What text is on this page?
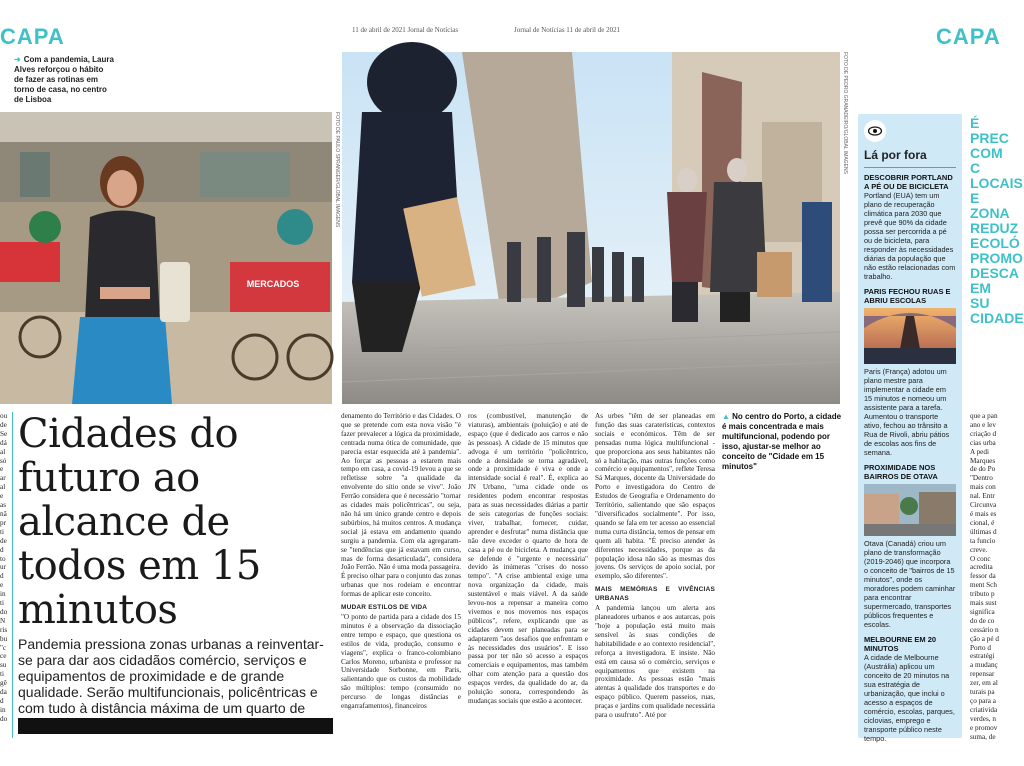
CAPA	11 de abril de 2021 Jornal de Notícias	Jornal de Notícias 11 de abril de 2021	CAPA
➜ Com a pandemia, Laura Alves reforçou o hábito de fazer as rotinas em torno de casa, no centro de Lisboa
MERCADOS
FOTO DE PAULO SPRANGER/GLOBAL IMAGENS	FOTO DE PEDRO GRANADEIRO/GLOBAL IMAGENS
ou
de
Se
dá
al
só
e
ar
al
e
as
nã
pr
ti
de
d
to
ur
d
e
in
ti
do
N
ris
bu
"c
ce
su
ti
gê
da
d
in
do
Cidades do futuro ao alcance de todos em 15 minutos
Pandemia pressiona zonas urbanas a reinventar-se para dar aos cidadãos comércio, serviços e equipamentos de proximidade e de grande qualidade. Serão multifuncionais, policêntricas e com tudo à distância máxima de um quarto de

denamento do Território e das Cidades. O que se pretende com esta nova visão "é fazer prevalecer a lógica da proximidade, centrada numa ótica de comunidade, que parecia estar esquecida até à pandemia". Ao forçar as pessoas a estarem mais tempo em casa, a covid-19 levou a que se refletisse sobre "a qualidade da envolvente do sítio onde se vive". João Ferrão considera que é necessário "tornar as cidades mais policêntricas", ou seja, não há um único grande centro e depois subúrbios, há muitos centros. A mudança social já estava em andamento quando surgiu a pandemia. Com ela agregaram-se "tendências que já estavam em curso, mas de forma desarticulada", considera João Ferrão. Não é uma moda passageira. É preciso olhar para o conjunto das zonas urbanas que nos rodeiam e encontrar formas de aplicar este conceito.

MUDAR ESTILOS DE VIDA

"O ponto de partida para a cidade dos 15 minutos é a observação da dissociação entre tempo e espaço, que questiona os estilos de vida, produção, consumo e viagens", explica o franco-colombiano Carlos Moreno, urbanista e professor na Universidade Sorbonne, em Paris, salientando que os custos da mobilidade são múltiplos: tempo (consumido no percurso de longas distâncias e engarrafamentos), financeiros

ros (combustível, manutenção de viaturas), ambientais (poluição) e até de espaço (que é dedicado aos carros e não às pessoas). A cidade de 15 minutos que advoga é um território "policêntrico, onde a densidade se torna agradável, onde a proximidade é viva e onde a intensidade social é real". É, explica ao JN Urbano, "uma cidade onde os residentes podem encontrar respostas para as suas necessidades diárias a partir de seis categorias de funções sociais: viver, trabalhar, fornecer, cuidar, aprender e desfrutar" numa distância que não deve exceder o quarto de hora de casa a pé ou de bicicleta. A mudança que se defende é "urgente e necessária" devido às inúmeras "crises do nosso tempo". "A crise ambiental exige uma nova organização da cidade, mais sustentável e mais viável. A da saúde levou-nos a repensar a maneira como vivemos e nos movemos nos espaços públicos", refere, explicando que as cidades devem ser planeadas para se adaptarem "aos desafios que enfrentam e às necessidades dos usuários". E isso passa por ter não só acesso a espaços comerciais e equipamentos, mas também olhar com atenção para a questão dos espaços verdes, da qualidade do ar, da poluição sonora, correspondendo às mudanças sociais que estão a acontecer.

As urbes "têm de ser planeadas em função das suas caraterísticas, contextos sociais e económicos. Têm de ser pensadas numa lógica multifuncional - que proporciona aos seus habitantes não só a habitação, mas outras funções como comércio e equipamentos", reflete Teresa Sá Marques, docente da Universidade do Porto e investigadora do Centro de Estudos de Geografia e Ordenamento do Território, salientando que são espaços "diversificados socialmente". Por isso, quando se fala em ter acesso ao essencial numa curta distância, temos de pensar em quem ali habita. "É preciso atender às diferentes necessidades, porque as da população idosa não são as mesmas dos jovens. Os serviços de apoio social, por exemplo, são diferentes".

MAIS MEMÓRIAS E VIVÊNCIAS URBANAS

A pandemia lançou um alerta aos planeadores urbanos e aos autarcas, pois "hoje a população está muito mais sensível às suas condições de habitabilidade e ao contexto residencial", reforça a investigadora. E insiste. Não está em causa só o comércio, serviços e equipamentos que existem na proximidade. As pessoas estão "mais atentas à qualidade dos transportes e do espaço público. Querem passeios, ruas, praças e jardins com qualidade necessária para o usufruto". Até por

▲ No centro do Porto, a cidade é mais concentrada e mais multifuncional, podendo por isso, ajustar-se melhor ao conceito de "Cidade em 15 minutos"
Lá por fora
DESCOBRIR PORTLAND A PÉ OU DE BICICLETA
Portland (EUA) tem um plano de recuperação climática para 2030 que prevê que 90% da cidade possa ser percorrida a pé ou de bicicleta, para responder às necessidades diárias da população que não estão relacionadas com trabalho.
PARIS FECHOU RUAS E ABRIU ESCOLAS
Paris (França) adotou um plano mestre para implementar a cidade em 15 minutos e nomeou um assistente para a tarefa. Aumentou o transporte ativo, fechou ao trânsito a Rua de Rivoli, abriu pátios de escolas aos fins de semana.
PROXIMIDADE NOS BAIRROS DE OTAVA
Otava (Canadá) criou um plano de transformação (2019-2046) que incorpora o conceito de "bairros de 15 minutos", onde os moradores podem caminhar para encontrar supermercado, transportes públicos frequentes e escolas.
MELBOURNE EM 20 MINUTOS
A cidade de Melbourne (Austrália) aplicou um conceito de 20 minutos na sua estratégia de urbanização, que inclui o acesso a espaços de comércio, escolas, parques, ciclovias, emprego e transporte público neste tempo.
É PREC
COM C
LOCAIS
E ZONA
REDUZ
ECOLÓ
PROMO
DESCA
EM SU
CIDADE
que a pan
ano e lev
criação d
cias urba
A pedi
Marques
de do Po
"Dentro
mais con
nal. Entr
Circunva
é mais es
cional, é
últimas d
ta funcio
creve.
O conc
acredita
fessor da
ment Sch
tributo p
mais sust
significa
do de co
cessário n
ção a pé d
Porto d
estratégi
a mudanç
repensar
zer, em al
turais pa
ço para a
criativida
verdes, n
e promov
suma, de
